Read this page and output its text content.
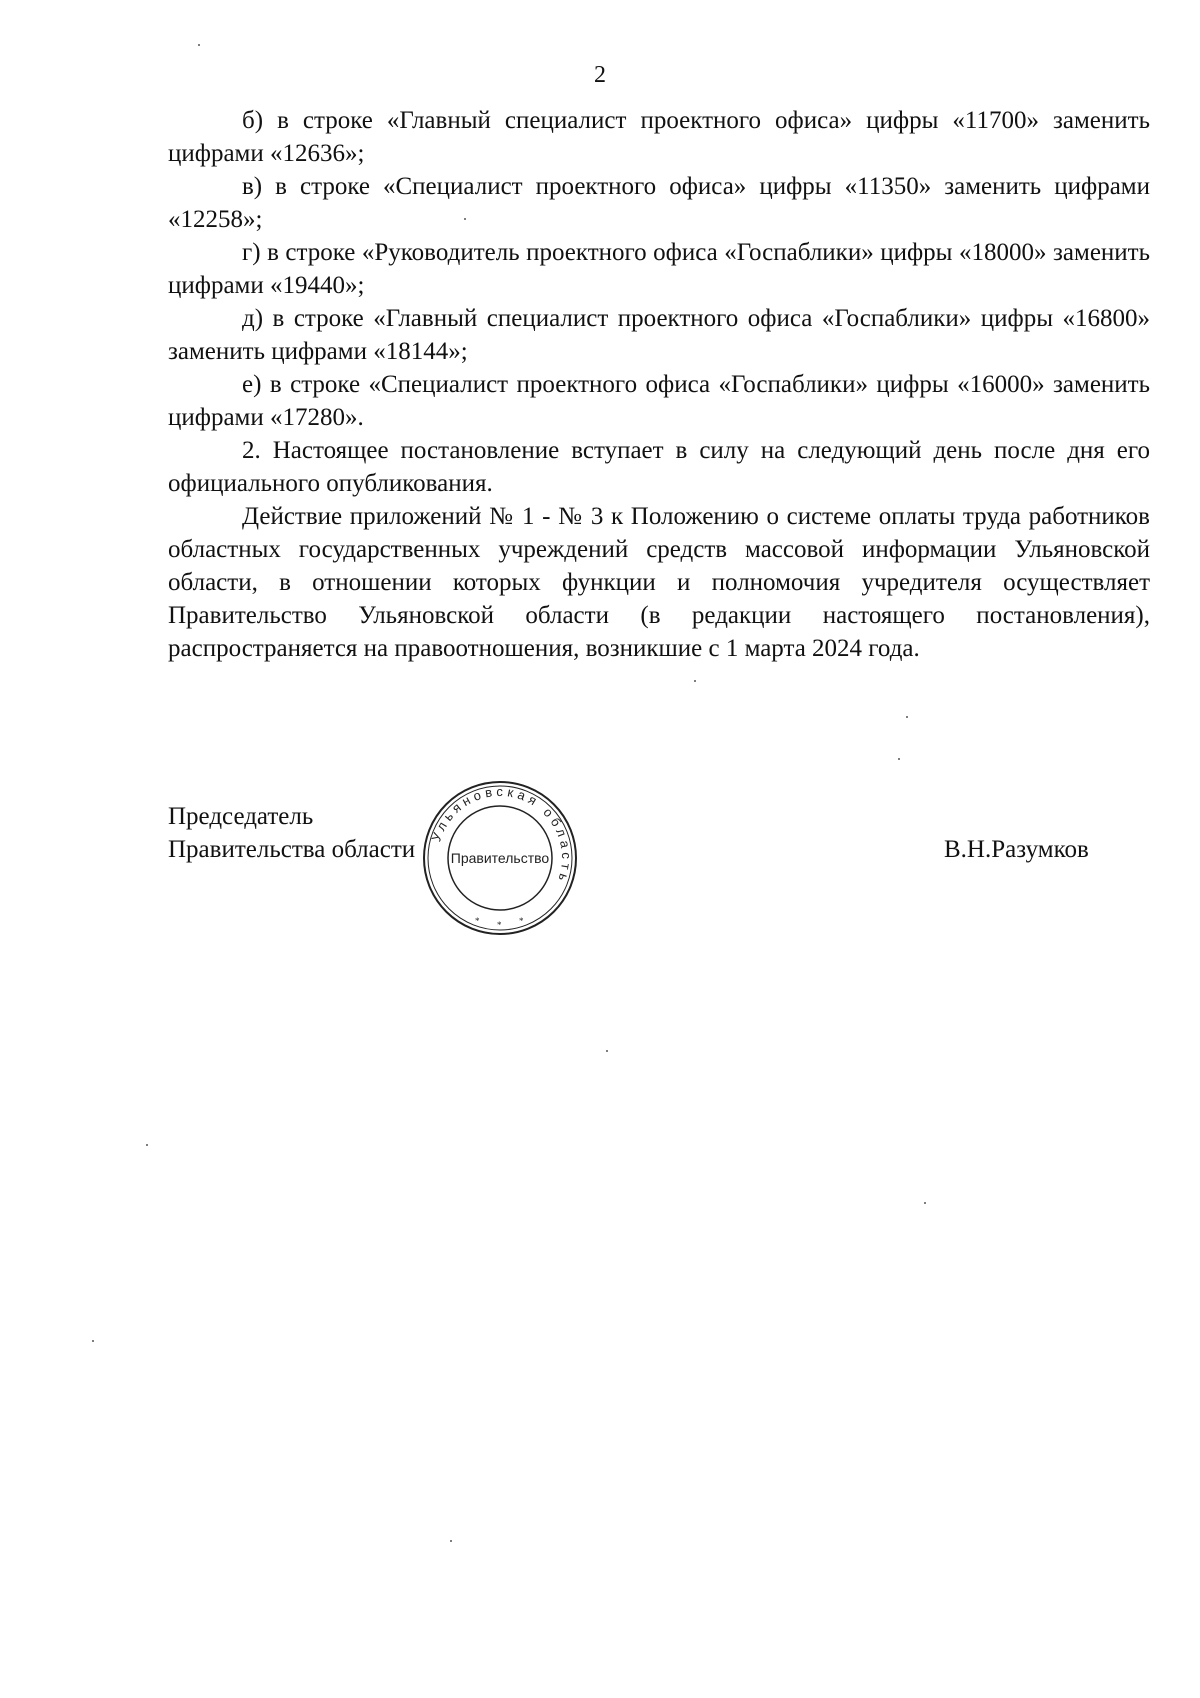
2

б) в строке «Главный специалист проектного офиса» цифры «11700» заменить цифрами «12636»;

в) в строке «Специалист проектного офиса» цифры «11350» заменить цифрами «12258»;

г) в строке «Руководитель проектного офиса «Госпаблики» цифры «18000» заменить цифрами «19440»;

д) в строке «Главный специалист проектного офиса «Госпаблики» цифры «16800» заменить цифрами «18144»;

е) в строке «Специалист проектного офиса «Госпаблики» цифры «16000» заменить цифрами «17280».

2. Настоящее постановление вступает в силу на следующий день после дня его официального опубликования.

Действие приложений № 1 - № 3 к Положению о системе оплаты труда работников областных государственных учреждений средств массовой информации Ульяновской области, в отношении которых функции и полномочия учредителя осуществляет Правительство Ульяновской области (в редакции настоящего постановления), распространяется на правоотношения, возникшие с 1 марта 2024 года.

Председатель
Правительства области
Ульяновская область
Правительство
* * *
В.Н.Разумков
